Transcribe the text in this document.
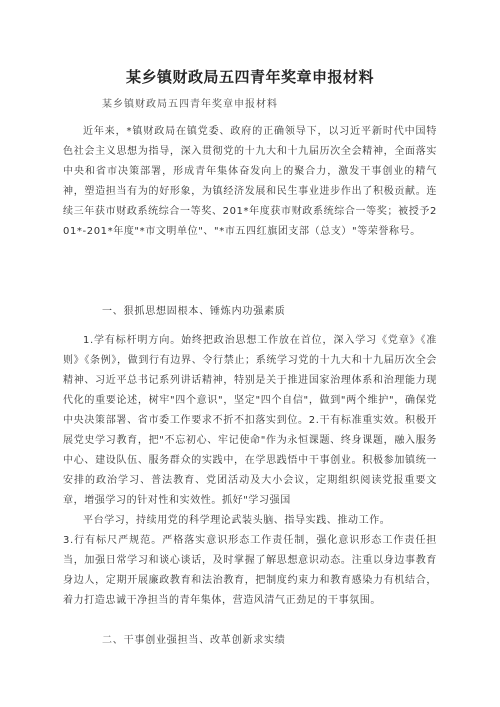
某乡镇财政局五四青年奖章申报材料
某乡镇财政局五四青年奖章申报材料

近年来，*镇财政局在镇党委、政府的正确领导下，以习近平新时代中国特色社会主义思想为指导，深入贯彻党的十九大和十九届历次全会精神，全面落实中央和省市决策部署，形成青年集体奋发向上的聚合力，激发干事创业的精气神，塑造担当有为的好形象，为镇经济发展和民生事业进步作出了积极贡献。连续三年获市财政系统综合一等奖、201*年度获市财政系统综合一等奖；被授予201*-201*年度"*市文明单位"、"*市五四红旗团支部（总支）"等荣誉称号。

一、狠抓思想固根本、锤炼内功强素质

1.学有标杆明方向。始终把政治思想工作放在首位，深入学习《党章》《准则》《条例》，做到行有边界、令行禁止；系统学习党的十九大和十九届历次全会精神、习近平总书记系列讲话精神，特别是关于推进国家治理体系和治理能力现代化的重要论述，树牢"四个意识"，坚定"四个自信"，做到"两个维护"，确保党中央决策部署、省市委工作要求不折不扣落实到位。2.干有标准重实效。积极开展党史学习教育，把"不忘初心、牢记使命"作为永恒课题、终身课题，融入服务中心、建设队伍、服务群众的实践中，在学思践悟中干事创业。积极参加镇统一安排的政治学习、普法教育、党团活动及大小会议，定期组织阅读党报重要文章，增强学习的针对性和实效性。抓好"学习强国

平台学习，持续用党的科学理论武装头脑、指导实践、推动工作。

3.行有标尺严规范。严格落实意识形态工作责任制，强化意识形态工作责任担当，加强日常学习和谈心谈话，及时掌握了解思想意识动态。注重以身边事教育身边人，定期开展廉政教育和法治教育，把制度约束力和教育感染力有机结合，着力打造忠诚干净担当的青年集体，营造风清气正劲足的干事氛围。

二、干事创业强担当、改革创新求实绩
